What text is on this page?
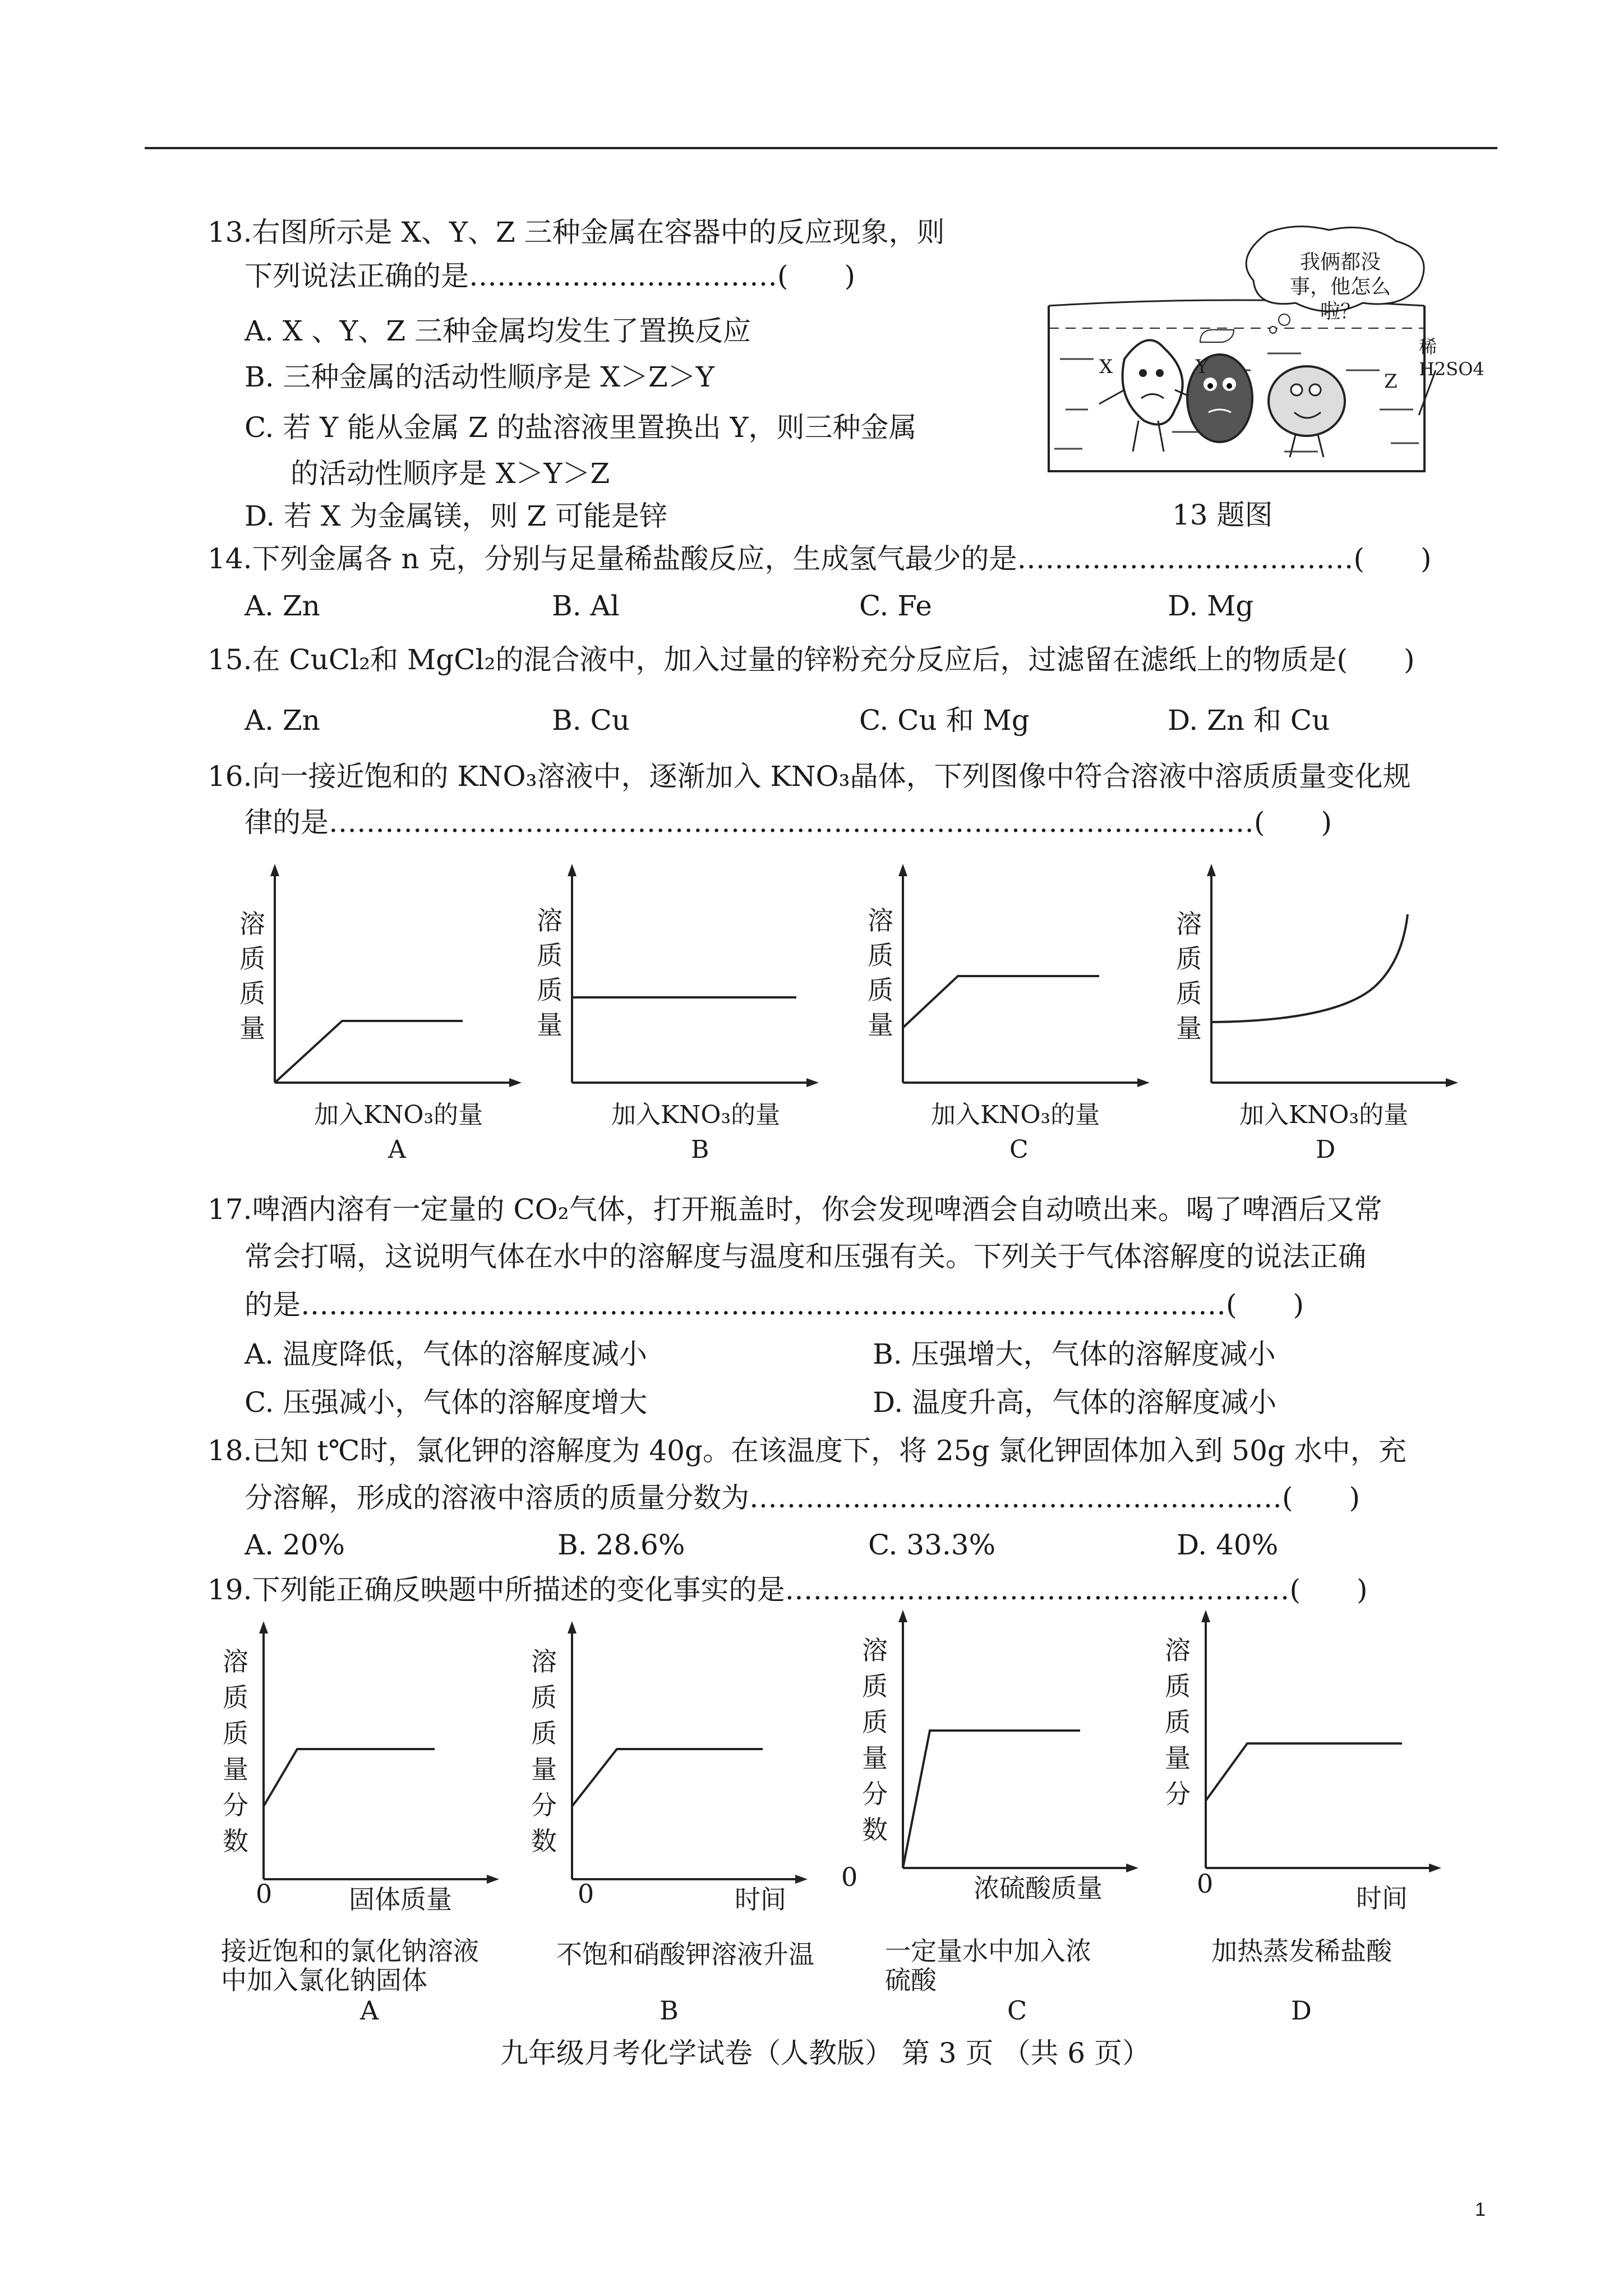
13.右图所示是 X、Y、Z 三种金属在容器中的反应现象，则
下列说法正确的是……………………………(　　)
A. X 、Y、Z 三种金属均发生了置换反应
B. 三种金属的活动性顺序是 X＞Z＞Y
C. 若 Y 能从金属 Z 的盐溶液里置换出 Y，则三种金属
的活动性顺序是 X＞Y＞Z
D. 若 X 为金属镁，则 Z 可能是锌
我俩都没事，他怎么啦？
X	Y
Z
稀 H2SO4
13 题图
14.下列金属各 n 克，分别与足量稀盐酸反应，生成氢气最少的是………………………………(　　)
A. Zn	B. Al	C. Fe	D. Mg
15.在 CuCl₂和 MgCl₂的混合液中，加入过量的锌粉充分反应后，过滤留在滤纸上的物质是(　　)
A. Zn	B. Cu	C. Cu 和 Mg	D. Zn 和 Cu
16.向一接近饱和的 KNO₃溶液中，逐渐加入 KNO₃晶体，下列图像中符合溶液中溶质质量变化规
律的是………………………………………………………………………………………(　　)
溶质质量
加入KNO₃的量
A
溶质质量
加入KNO₃的量
B
溶质质量
加入KNO₃的量
C
溶质质量
加入KNO₃的量
D
17.啤酒内溶有一定量的 CO₂气体，打开瓶盖时，你会发现啤酒会自动喷出来。喝了啤酒后又常
常会打嗝，这说明气体在水中的溶解度与温度和压强有关。下列关于气体溶解度的说法正确
的是………………………………………………………………………………………(　　)
A. 温度降低，气体的溶解度减小	B. 压强增大，气体的溶解度减小
C. 压强减小，气体的溶解度增大	D. 温度升高，气体的溶解度减小
18.已知 t℃时，氯化钾的溶解度为 40g。在该温度下，将 25g 氯化钾固体加入到 50g 水中，充
分溶解，形成的溶液中溶质的质量分数为…………………………………………………(　　)
A. 20%	B. 28.6%	C. 33.3%	D. 40%
19.下列能正确反映题中所描述的变化事实的是………………………………………………(　　)
溶质质量分数
0	固体质量
接近饱和的氯化钠溶液
中加入氯化钠固体
A
溶质质量分数
0	时间
不饱和硝酸钾溶液升温
B
溶质质量分数
0	浓硫酸质量
一定量水中加入浓
硫酸
C
溶质质量分
0	时间
加热蒸发稀盐酸
D
九年级月考化学试卷（人教版） 第 3 页 （共 6 页）
1
